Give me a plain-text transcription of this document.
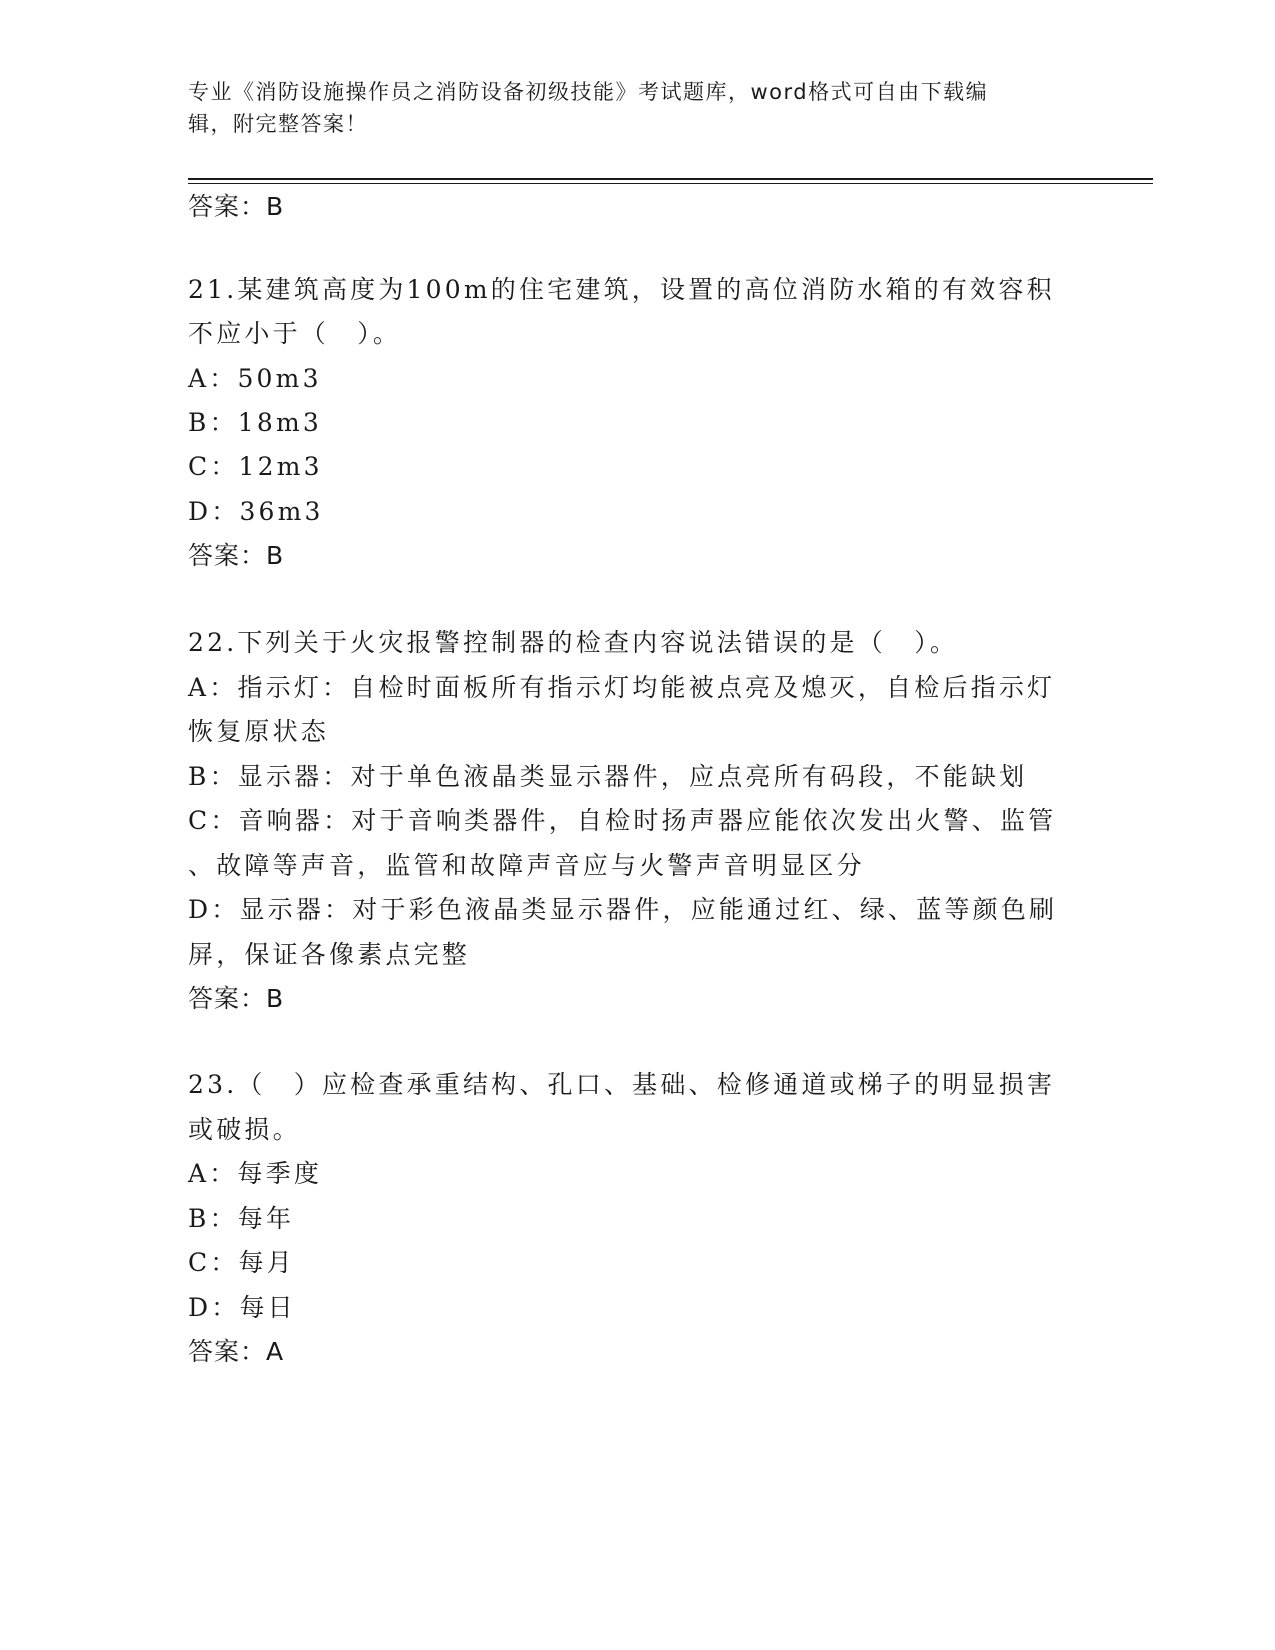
专业《消防设施操作员之消防设备初级技能》考试题库，word格式可自由下载编
辑，附完整答案！
答案：B
21.某建筑高度为100m的住宅建筑，设置的高位消防水箱的有效容积
不应小于（　）。
A：50m3
B：18m3
C：12m3
D：36m3
答案：B
22.下列关于火灾报警控制器的检查内容说法错误的是（　）。
A：指示灯：自检时面板所有指示灯均能被点亮及熄灭，自检后指示灯
恢复原状态
B：显示器：对于单色液晶类显示器件，应点亮所有码段，不能缺划
C：音响器：对于音响类器件，自检时扬声器应能依次发出火警、监管
、故障等声音，监管和故障声音应与火警声音明显区分
D：显示器：对于彩色液晶类显示器件，应能通过红、绿、蓝等颜色刷
屏，保证各像素点完整
答案：B
23.（　）应检查承重结构、孔口、基础、检修通道或梯子的明显损害
或破损。
A：每季度
B：每年
C：每月
D：每日
答案：A
